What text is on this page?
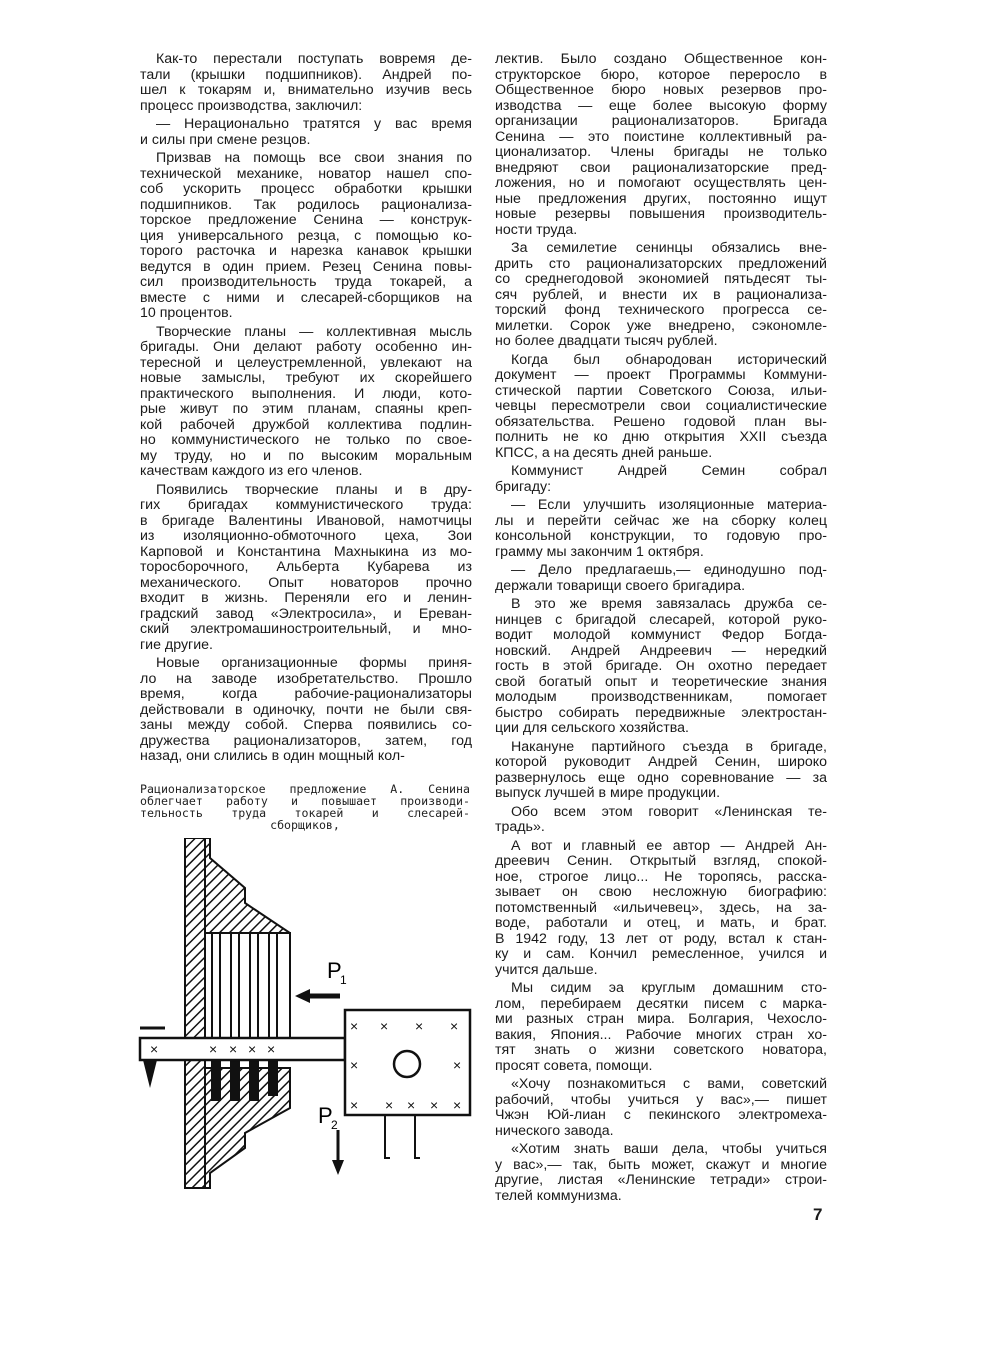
Как-то перестали поступать вовремя де-
тали (крышки подшипников). Андрей по-
шел к токарям и, внимательно изучив весь
процесс производства, заключил:
— Нерационально тратятся у вас время
и силы при смене резцов.
Призвав на помощь все свои знания по
технической механике, новатор нашел спо-
соб ускорить процесс обработки крышки
подшипников. Так родилось рационализа-
торское предложение Сенина — конструк-
ция универсального резца, с помощью ко-
торого расточка и нарезка канавок крышки
ведутся в один прием. Резец Сенина повы-
сил производительность труда токарей, а
вместе с ними и слесарей-сборщиков на
10 процентов.
Творческие планы — коллективная мысль
бригады. Они делают работу особенно ин-
тересной и целеустремленной, увлекают на
новые замыслы, требуют их скорейшего
практического выполнения. И люди, кото-
рые живут по этим планам, спаяны креп-
кой рабочей дружбой коллектива подлин-
но коммунистического не только по свое-
му труду, но и по высоким моральным
качествам каждого из его членов.
Появились творческие планы и в дру-
гих бригадах коммунистического труда:
в бригаде Валентины Ивановой, намотчицы
из изоляционно-обмоточного цеха, Зои
Карповой и Константина Махныкина из мо-
торосборочного, Альберта Кубарева из
механического. Опыт новаторов прочно
входит в жизнь. Переняли его и ленин-
градский завод «Электросила», и Ереван-
ский электромашиностроительный, и мно-
гие другие.
Новые организационные формы приня-
ло на заводе изобретательство. Прошло
время, когда рабочие-рационализаторы
действовали в одиночку, почти не были свя-
заны между собой. Сперва появились со-
дружества рационализаторов, затем, год
назад, они слились в один мощный кол-
лектив. Было создано Общественное кон-
структорское бюро, которое переросло в
Общественное бюро новых резервов про-
изводства — еще более высокую форму
организации рационализаторов. Бригада
Сенина — это поистине коллективный ра-
ционализатор. Члены бригады не только
внедряют свои рационализаторские пред-
ложения, но и помогают осуществлять цен-
ные предложения других, постоянно ищут
новые резервы повышения производитель-
ности труда.
За семилетие сенинцы обязались вне-
дрить сто рационализаторских предложений
со среднегодовой экономией пятьдесят ты-
сяч рублей, и внести их в рационализа-
торский фонд технического прогресса се-
милетки. Сорок уже внедрено, сэкономле-
но более двадцати тысяч рублей.
Когда был обнародован исторический
документ — проект Программы Коммуни-
стической партии Советского Союза, ильи-
чевцы пересмотрели свои социалистические
обязательства. Решено годовой план вы-
полнить не ко дню открытия XXII съезда
КПСС, а на десять дней раньше.
Коммунист Андрей Семин собрал
бригаду:
— Если улучшить изоляционные материа-
лы и перейти сейчас же на сборку колец
консольной конструкции, то годовую про-
грамму мы закончим 1 октября.
— Дело предлагаешь,— единодушно под-
держали товарищи своего бригадира.
В это же время завязалась дружба се-
нинцев с бригадой слесарей, которой руко-
водит молодой коммунист Федор Богда-
новский. Андрей Андреевич — нередкий
гость в этой бригаде. Он охотно передает
свой богатый опыт и теоретические знания
молодым производственникам, помогает
быстро собирать передвижные электростан-
ции для сельского хозяйства.
Накануне партийного съезда в бригаде,
которой руководит Андрей Сенин, широко
развернулось еще одно соревнование — за
выпуск лучшей в мире продукции.
Обо всем этом говорит «Ленинская те-
традь».
А вот и главный ее автор — Андрей Ан-
дреевич Сенин. Открытый взгляд, спокой-
ное, строгое лицо... Не торопясь, расска-
зывает он свою несложную биографию:
потомственный «ильичевец», здесь, на за-
воде, работали и отец, и мать, и брат.
В 1942 году, 13 лет от роду, встал к стан-
ку и сам. Кончил ремесленное, учился и
учится дальше.
Мы сидим эа круглым домашним сто-
лом, перебираем десятки писем с марка-
ми разных стран мира. Болгария, Чехосло-
вакия, Япония... Рабочие многих стран хо-
тят знать о жизни советского новатора,
просят совета, помощи.
«Хочу познакомиться с вами, советский
рабочий, чтобы учиться у вас»,— пишет
Чжэн Юй-лиан с пекинского электромеха-
нического завода.
«Хотим знать ваши дела, чтобы учиться
у вас»,— так, быть может, скажут и многие
другие, листая «Ленинские тетради» строи-
телей коммунизма.
Рационализаторское предложение А. Сенина
облегчает работу и повышает производи-
тельность труда токарей и слесарей-
сборщиков,
× × × ×
×	×
× × × × ×
×	× × × ×
P
1
P
2
7
